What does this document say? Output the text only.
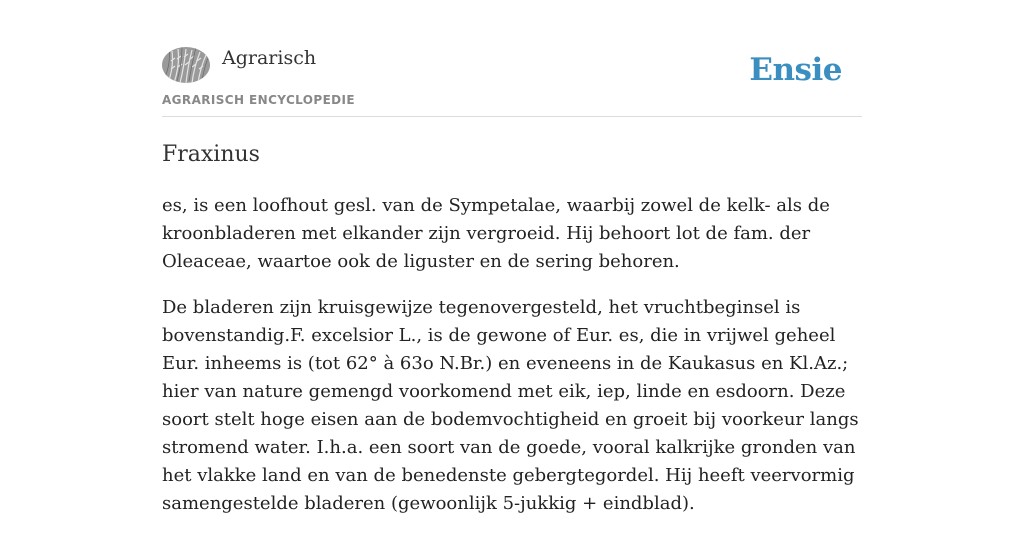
Agrarisch
AGRARISCH ENCYCLOPEDIE
Ensie
Fraxinus

es, is een loofhout gesl. van de Sympetalae, waarbij zowel de kelk- als de kroonbladeren met elkander zijn vergroeid. Hij behoort lot de fam. der Oleaceae, waartoe ook de liguster en de sering behoren.

De bladeren zijn kruisgewijze tegenovergesteld, het vruchtbeginsel is bovenstandig.F. excelsior L., is de gewone of Eur. es, die in vrijwel geheel Eur. inheems is (tot 62° à 63o N.Br.) en eveneens in de Kaukasus en Kl.Az.; hier van nature gemengd voorkomend met eik, iep, linde en esdoorn. Deze soort stelt hoge eisen aan de bodemvochtigheid en groeit bij voorkeur langs stromend water. I.h.a. een soort van de goede, vooral kalkrijke gronden van het vlakke land en van de benedenste gebergtegordel. Hij heeft veervormig samengestelde bladeren (gewoonlijk 5-jukkig + eindblad).
